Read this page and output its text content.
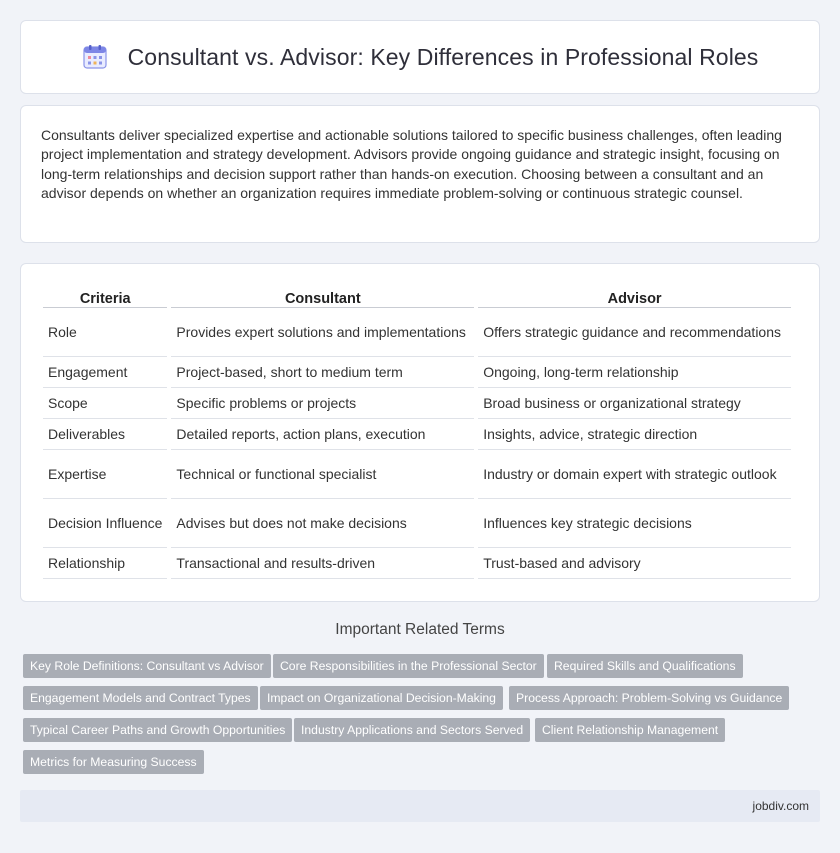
Consultant vs. Advisor: Key Differences in Professional Roles

Consultants deliver specialized expertise and actionable solutions tailored to specific business challenges, often leading project implementation and strategy development. Advisors provide ongoing guidance and strategic insight, focusing on long-term relationships and decision support rather than hands-on execution. Choosing between a consultant and an advisor depends on whether an organization requires immediate problem-solving or continuous strategic counsel.

Criteria	Consultant	Advisor
Role	Provides expert solutions and implementations	Offers strategic guidance and recommendations
Engagement	Project-based, short to medium term	Ongoing, long-term relationship
Scope	Specific problems or projects	Broad business or organizational strategy
Deliverables	Detailed reports, action plans, execution	Insights, advice, strategic direction
Expertise	Technical or functional specialist	Industry or domain expert with strategic outlook
Decision Influence	Advises but does not make decisions	Influences key strategic decisions
Relationship	Transactional and results-driven	Trust-based and advisory
Important Related Terms
Key Role Definitions: Consultant vs Advisor	Core Responsibilities in the Professional Sector	Required Skills and Qualifications
Engagement Models and Contract Types	Impact on Organizational Decision-Making	Process Approach: Problem-Solving vs Guidance
Typical Career Paths and Growth Opportunities	Industry Applications and Sectors Served	Client Relationship Management
Metrics for Measuring Success
jobdiv.com
